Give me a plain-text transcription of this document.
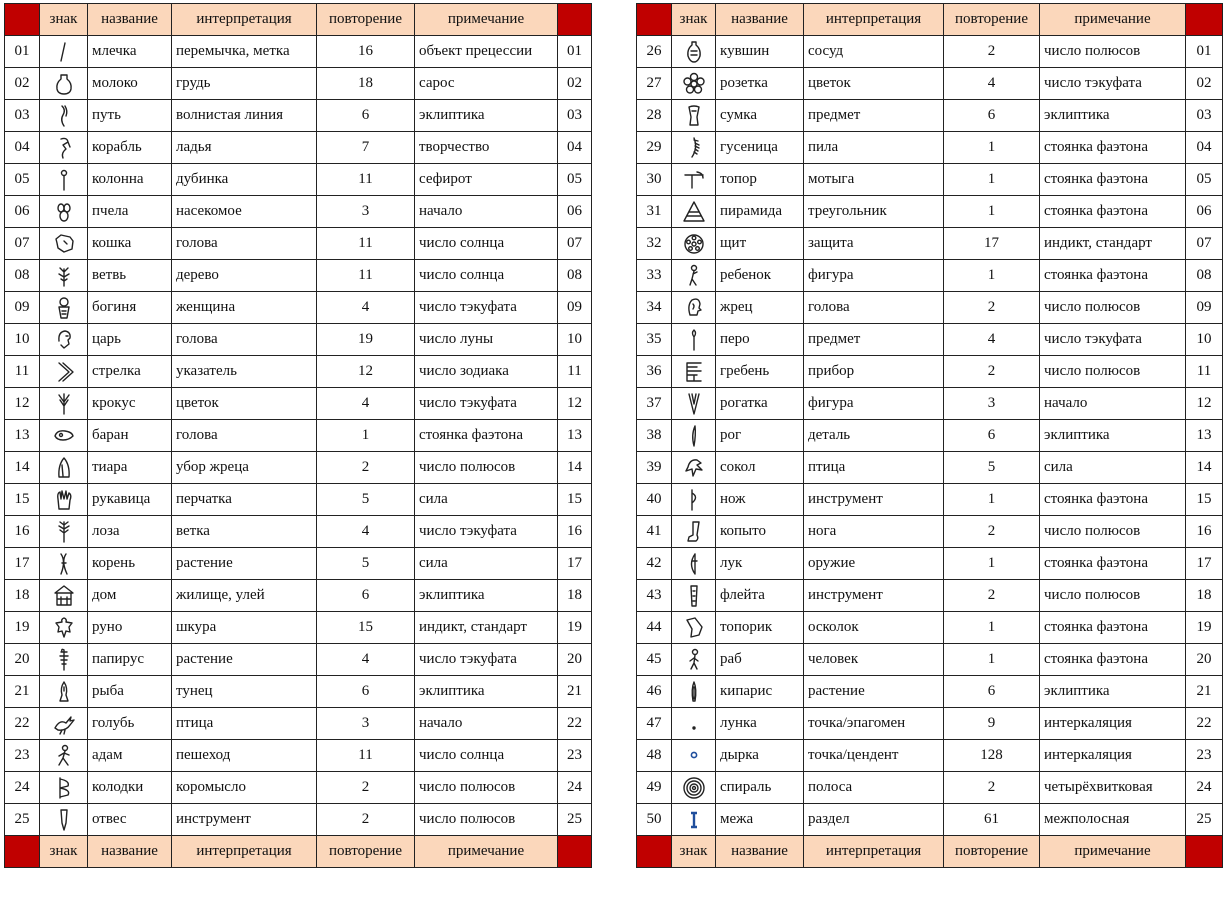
	знак	название	интерпретация	повторение	примечание	
01		млечка	перемычка, метка	16	объект прецессии	01
02		молоко	грудь	18	сарос	02
03		путь	волнистая линия	6	эклиптика	03
04		корабль	ладья	7	творчество	04
05		колонна	дубинка	11	сефирот	05
06		пчела	насекомое	3	начало	06
07		кошка	голова	11	число солнца	07
08		ветвь	дерево	11	число солнца	08
09		богиня	женщина	4	число тэкуфата	09
10		царь	голова	19	число луны	10
11		стрелка	указатель	12	число зодиака	11
12		крокус	цветок	4	число тэкуфата	12
13		баран	голова	1	стоянка фаэтона	13
14		тиара	убор жреца	2	число полюсов	14
15		рукавица	перчатка	5	сила	15
16		лоза	ветка	4	число тэкуфата	16
17		корень	растение	5	сила	17
18		дом	жилище, улей	6	эклиптика	18
19		руно	шкура	15	индикт, стандарт	19
20		папирус	растение	4	число тэкуфата	20
21		рыба	тунец	6	эклиптика	21
22		голубь	птица	3	начало	22
23		адам	пешеход	11	число солнца	23
24		колодки	коромысло	2	число полюсов	24
25		отвес	инструмент	2	число полюсов	25
	знак	название	интерпретация	повторение	примечание	
	знак	название	интерпретация	повторение	примечание	
26		кувшин	сосуд	2	число полюсов	01
27		розетка	цветок	4	число тэкуфата	02
28		сумка	предмет	6	эклиптика	03
29		гусеница	пила	1	стоянка фаэтона	04
30		топор	мотыга	1	стоянка фаэтона	05
31		пирамида	треугольник	1	стоянка фаэтона	06
32		щит	защита	17	индикт, стандарт	07
33		ребенок	фигура	1	стоянка фаэтона	08
34		жрец	голова	2	число полюсов	09
35		перо	предмет	4	число тэкуфата	10
36		гребень	прибор	2	число полюсов	11
37		рогатка	фигура	3	начало	12
38		рог	деталь	6	эклиптика	13
39		сокол	птица	5	сила	14
40		нож	инструмент	1	стоянка фаэтона	15
41		копыто	нога	2	число полюсов	16
42		лук	оружие	1	стоянка фаэтона	17
43		флейта	инструмент	2	число полюсов	18
44		топорик	осколок	1	стоянка фаэтона	19
45		раб	человек	1	стоянка фаэтона	20
46		кипарис	растение	6	эклиптика	21
47		лунка	точка/эпагомен	9	интеркаляция	22
48		дырка	точка/цендент	128	интеркаляция	23
49		спираль	полоса	2	четырёхвитковая	24
50		межа	раздел	61	межполосная	25
	знак	название	интерпретация	повторение	примечание	
